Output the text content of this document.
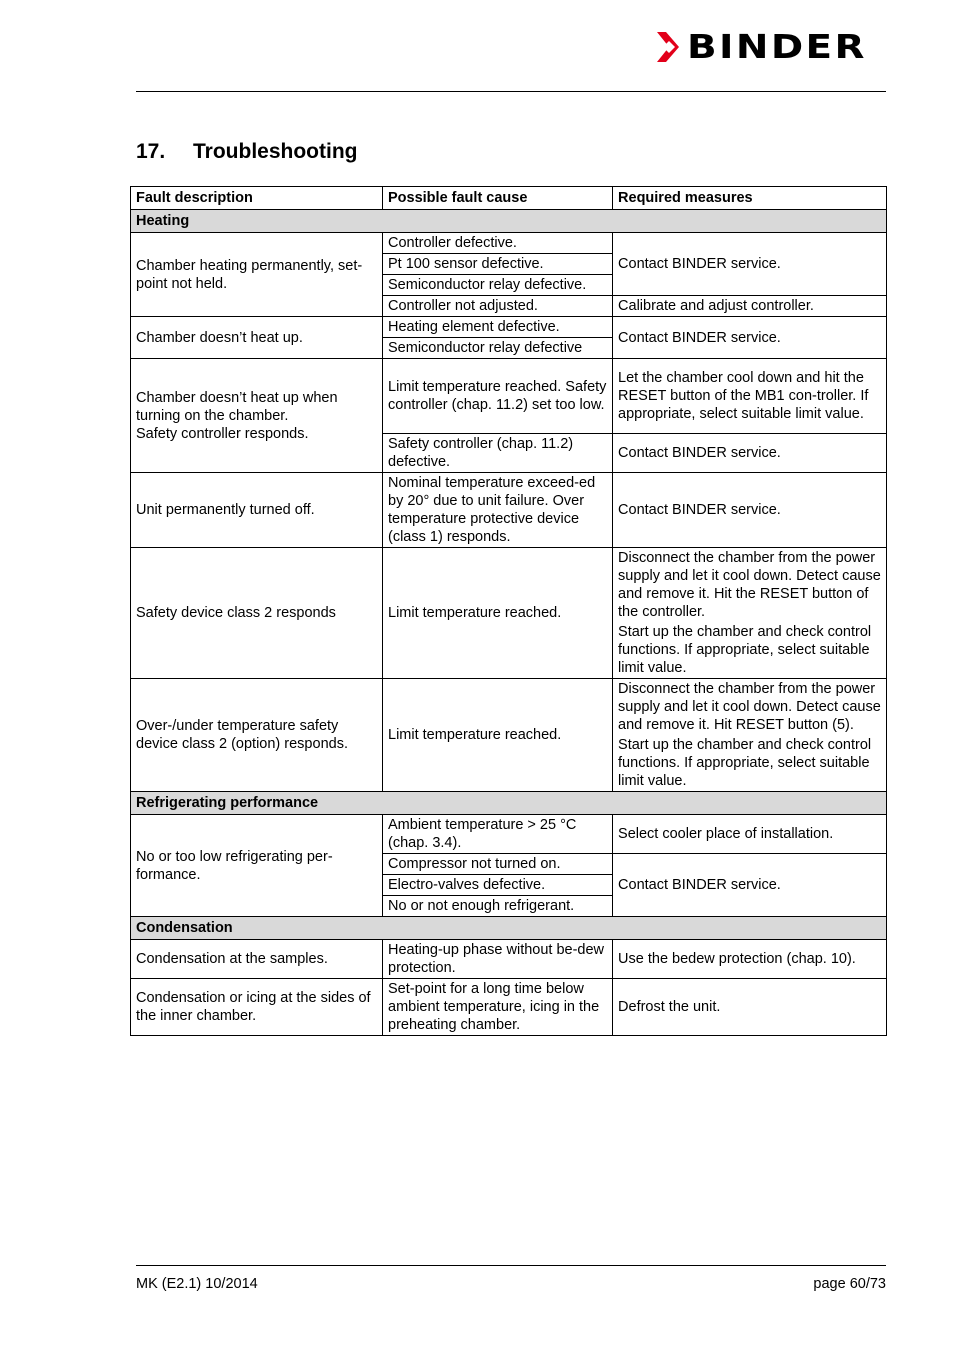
BINDER
17. Troubleshooting
Fault description	Possible fault cause	Required measures
Heating		
Chamber heating permanently, set-point not held.	Controller defective.	Contact BINDER service.
	Pt 100 sensor defective.	
	Semiconductor relay defective.	
	Controller not adjusted.	Calibrate and adjust controller.
Chamber doesn’t heat up.	Heating element defective.	Contact BINDER service.
	Semiconductor relay defective	
Chamber doesn’t heat up when turning on the chamber.
Safety controller responds.	Limit temperature reached. Safety controller (chap. 11.2) set too low.	Let the chamber cool down and hit the RESET button of the MB1 con-troller. If appropriate, select suitable limit value.
	Safety controller (chap. 11.2) defective.	Contact BINDER service.
Unit permanently turned off.	Nominal temperature exceed-ed by 20° due to unit failure. Over temperature protective device (class 1) responds.	Contact BINDER service.
Safety device class 2 responds	Limit temperature reached.	Disconnect the chamber from the power supply and let it cool down. Detect cause and remove it. Hit the RESET button of the controller.
Start up the chamber and check control functions. If appropriate, select suitable limit value.

Over-/under temperature safety device class 2 (option) responds.	Limit temperature reached.	Disconnect the chamber from the power supply and let it cool down. Detect cause and remove it. Hit RESET button (5).
Start up the chamber and check control functions. If appropriate, select suitable limit value.

Refrigerating performance		
No or too low refrigerating per-formance.	Ambient temperature > 25 °C (chap. 3.4).	Select cooler place of installation.
	Compressor not turned on.	Contact BINDER service.
	Electro-valves defective.	
	No or not enough refrigerant.	
Condensation		
Condensation at the samples.	Heating-up phase without be-dew protection.	Use the bedew protection (chap. 10).
Condensation or icing at the sides of the inner chamber.	Set-point for a long time below ambient temperature, icing in the preheating chamber.	Defrost the unit.
MK (E2.1) 10/2014	page 60/73
